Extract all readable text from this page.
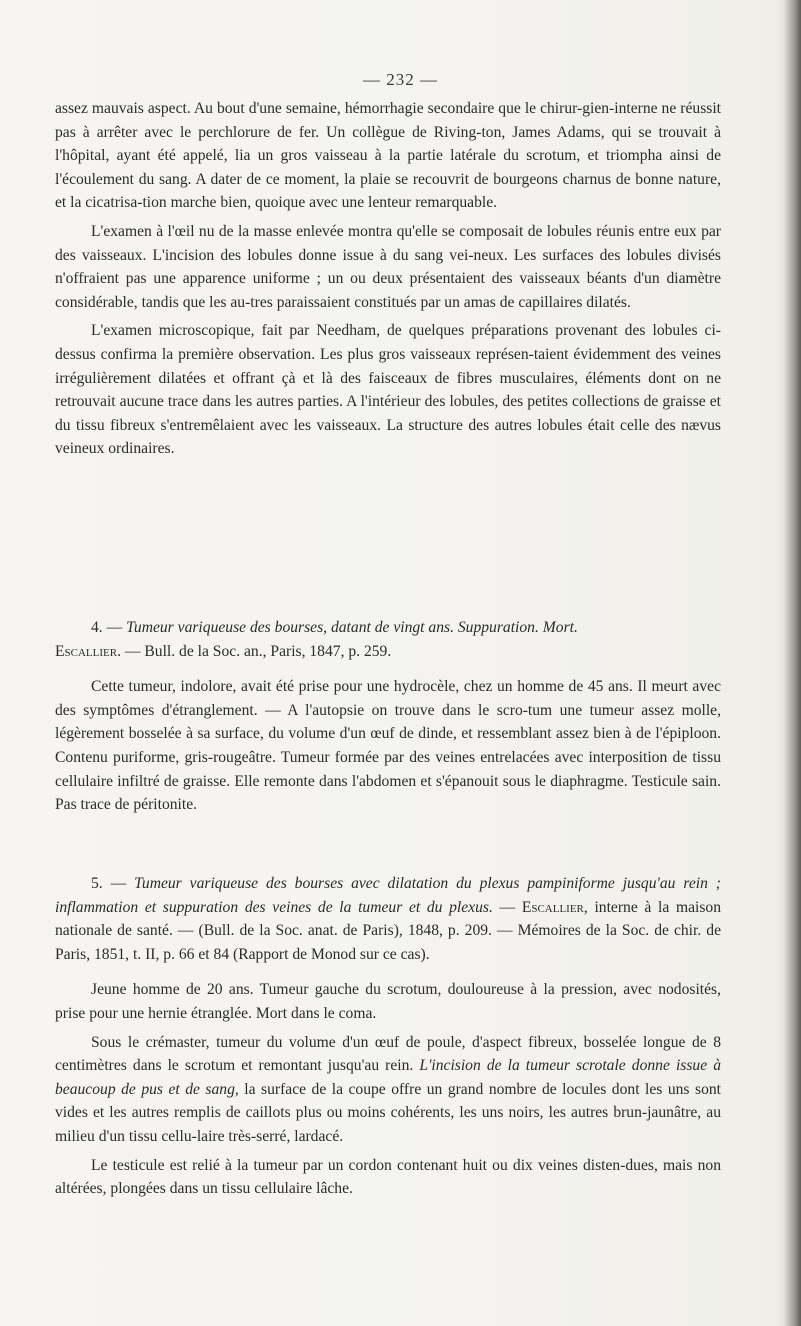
— 232 —

assez mauvais aspect. Au bout d'une semaine, hémorrhagie secondaire que le chirur-gien-interne ne réussit pas à arrêter avec le perchlorure de fer. Un collègue de Riving-ton, James Adams, qui se trouvait à l'hôpital, ayant été appelé, lia un gros vaisseau à la partie latérale du scrotum, et triompha ainsi de l'écoulement du sang. A dater de ce moment, la plaie se recouvrit de bourgeons charnus de bonne nature, et la cicatrisa-tion marche bien, quoique avec une lenteur remarquable.

L'examen à l'œil nu de la masse enlevée montra qu'elle se composait de lobules réunis entre eux par des vaisseaux. L'incision des lobules donne issue à du sang vei-neux. Les surfaces des lobules divisés n'offraient pas une apparence uniforme ; un ou deux présentaient des vaisseaux béants d'un diamètre considérable, tandis que les au-tres paraissaient constitués par un amas de capillaires dilatés.

L'examen microscopique, fait par Needham, de quelques préparations provenant des lobules ci-dessus confirma la première observation. Les plus gros vaisseaux représen-taient évidemment des veines irrégulièrement dilatées et offrant çà et là des faisceaux de fibres musculaires, éléments dont on ne retrouvait aucune trace dans les autres parties. A l'intérieur des lobules, des petites collections de graisse et du tissu fibreux s'entremêlaient avec les vaisseaux. La structure des autres lobules était celle des nævus veineux ordinaires.

4. — Tumeur variqueuse des bourses, datant de vingt ans. Suppuration. Mort.
Escallier. — Bull. de la Soc. an., Paris, 1847, p. 259.

Cette tumeur, indolore, avait été prise pour une hydrocèle, chez un homme de 45 ans. Il meurt avec des symptômes d'étranglement. — A l'autopsie on trouve dans le scro-tum une tumeur assez molle, légèrement bosselée à sa surface, du volume d'un œuf de dinde, et ressemblant assez bien à de l'épiploon. Contenu puriforme, gris-rougeâtre. Tumeur formée par des veines entrelacées avec interposition de tissu cellulaire infiltré de graisse. Elle remonte dans l'abdomen et s'épanouit sous le diaphragme. Testicule sain. Pas trace de péritonite.

5. — Tumeur variqueuse des bourses avec dilatation du plexus pampiniforme jusqu'au rein ; inflammation et suppuration des veines de la tumeur et du plexus. — Escallier, interne à la maison nationale de santé. — (Bull. de la Soc. anat. de Paris), 1848, p. 209. — Mémoires de la Soc. de chir. de Paris, 1851, t. II, p. 66 et 84 (Rapport de Monod sur ce cas).

Jeune homme de 20 ans. Tumeur gauche du scrotum, douloureuse à la pression, avec nodosités, prise pour une hernie étranglée. Mort dans le coma.

Sous le crémaster, tumeur du volume d'un œuf de poule, d'aspect fibreux, bosselée longue de 8 centimètres dans le scrotum et remontant jusqu'au rein. L'incision de la tumeur scrotale donne issue à beaucoup de pus et de sang, la surface de la coupe offre un grand nombre de locules dont les uns sont vides et les autres remplis de caillots plus ou moins cohérents, les uns noirs, les autres brun-jaunâtre, au milieu d'un tissu cellu-laire très-serré, lardacé.

Le testicule est relié à la tumeur par un cordon contenant huit ou dix veines disten-dues, mais non altérées, plongées dans un tissu cellulaire lâche.
